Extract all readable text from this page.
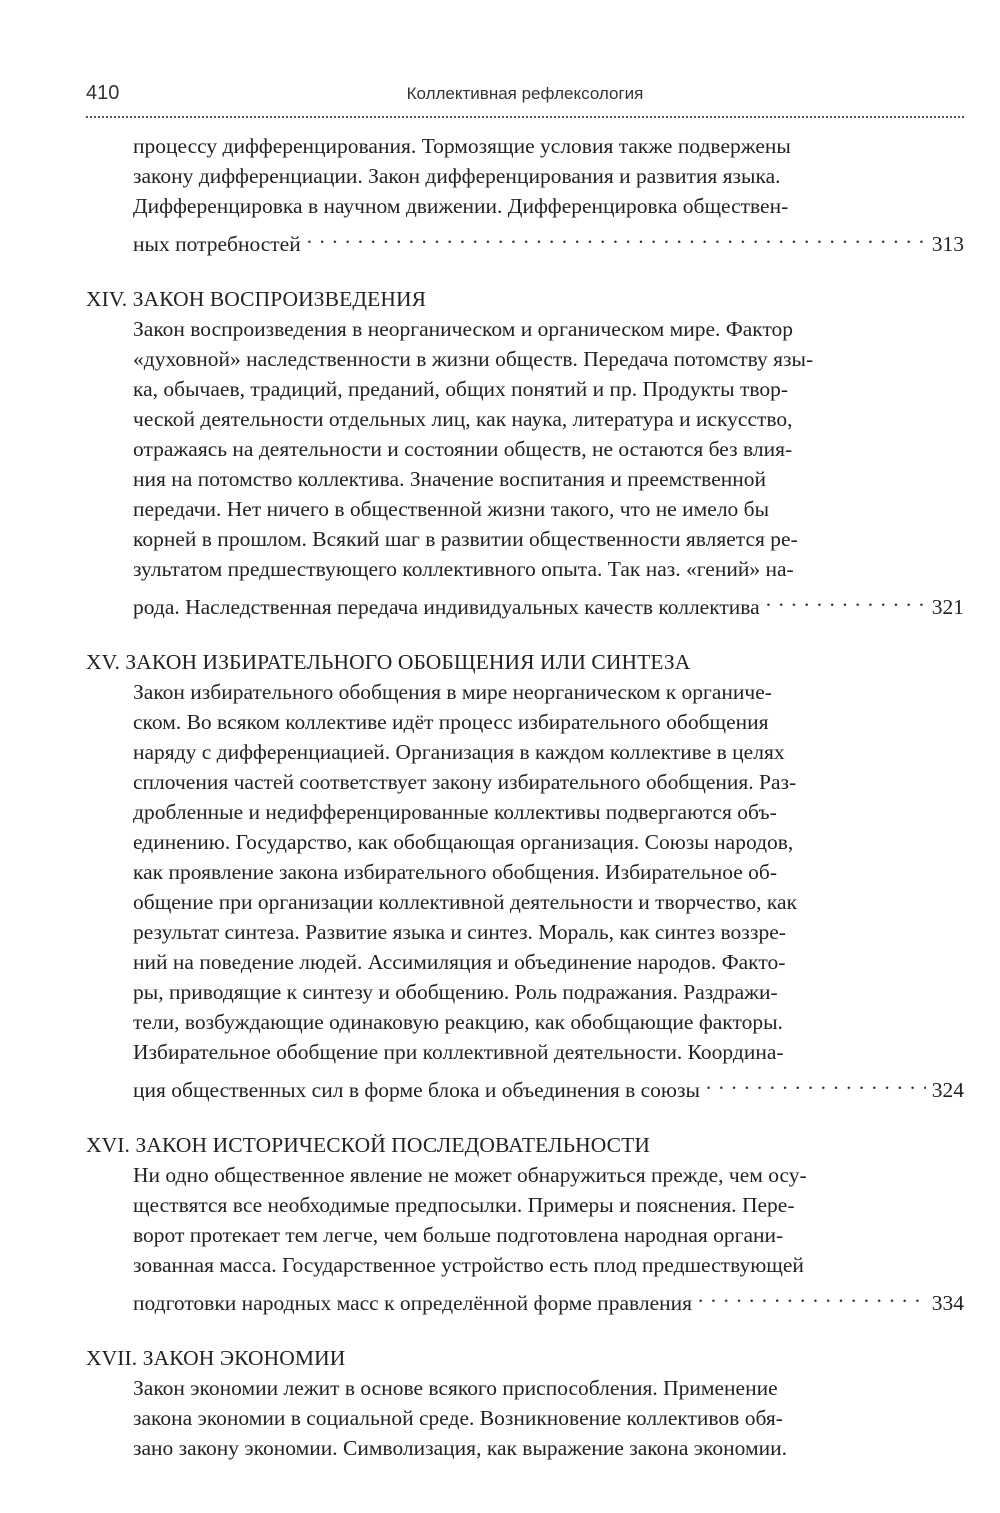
410	Коллективная рефлексология
процессу дифференцирования. Тормозящие условия также подвержены
закону дифференциации. Закон дифференцирования и развития языка.
Дифференцировка в научном движении. Дифференцировка обществен-
ных потребностей . . .	313
XIV. ЗАКОН ВОСПРОИЗВЕДЕНИЯ
Закон воспроизведения в неорганическом и органическом мире. Фактор
«духовной» наследственности в жизни обществ. Передача потомству язы-
ка, обычаев, традиций, преданий, общих понятий и пр. Продукты твор-
ческой деятельности отдельных лиц, как наука, литература и искусство,
отражаясь на деятельности и состоянии обществ, не остаются без влия-
ния на потомство коллектива. Значение воспитания и преемственной
передачи. Нет ничего в общественной жизни такого, что не имело бы
корней в прошлом. Всякий шаг в развитии общественности является ре-
зультатом предшествующего коллективного опыта. Так наз. «гений» на-
рода. Наследственная передача индивидуальных качеств коллектива . . .	321
XV. ЗАКОН ИЗБИРАТЕЛЬНОГО ОБОБЩЕНИЯ ИЛИ СИНТЕЗА
Закон избирательного обобщения в мире неорганическом к органиче-
ском. Во всяком коллективе идёт процесс избирательного обобщения
наряду с дифференциацией. Организация в каждом коллективе в целях
сплочения частей соответствует закону избирательного обобщения. Раз-
дробленные и недифференцированные коллективы подвергаются объ-
единению. Государство, как обобщающая организация. Союзы народов,
как проявление закона избирательного обобщения. Избирательное об-
общение при организации коллективной деятельности и творчество, как
результат синтеза. Развитие языка и синтез. Мораль, как синтез воззре-
ний на поведение людей. Ассимиляция и объединение народов. Факто-
ры, приводящие к синтезу и обобщению. Роль подражания. Раздражи-
тели, возбуждающие одинаковую реакцию, как обобщающие факторы.
Избирательное обобщение при коллективной деятельности. Координа-
ция общественных сил в форме блока и объединения в союзы . . .	324
XVI. ЗАКОН ИСТОРИЧЕСКОЙ ПОСЛЕДОВАТЕЛЬНОСТИ
Ни одно общественное явление не может обнаружиться прежде, чем осу-
ществятся все необходимые предпосылки. Примеры и пояснения. Пере-
ворот протекает тем легче, чем больше подготовлена народная органи-
зованная масса. Государственное устройство есть плод предшествующей
подготовки народных масс к определённой форме правления . . .	334
XVII. ЗАКОН ЭКОНОМИИ
Закон экономии лежит в основе всякого приспособления. Применение
закона экономии в социальной среде. Возникновение коллективов обя-
зано закону экономии. Символизация, как выражение закона экономии.
